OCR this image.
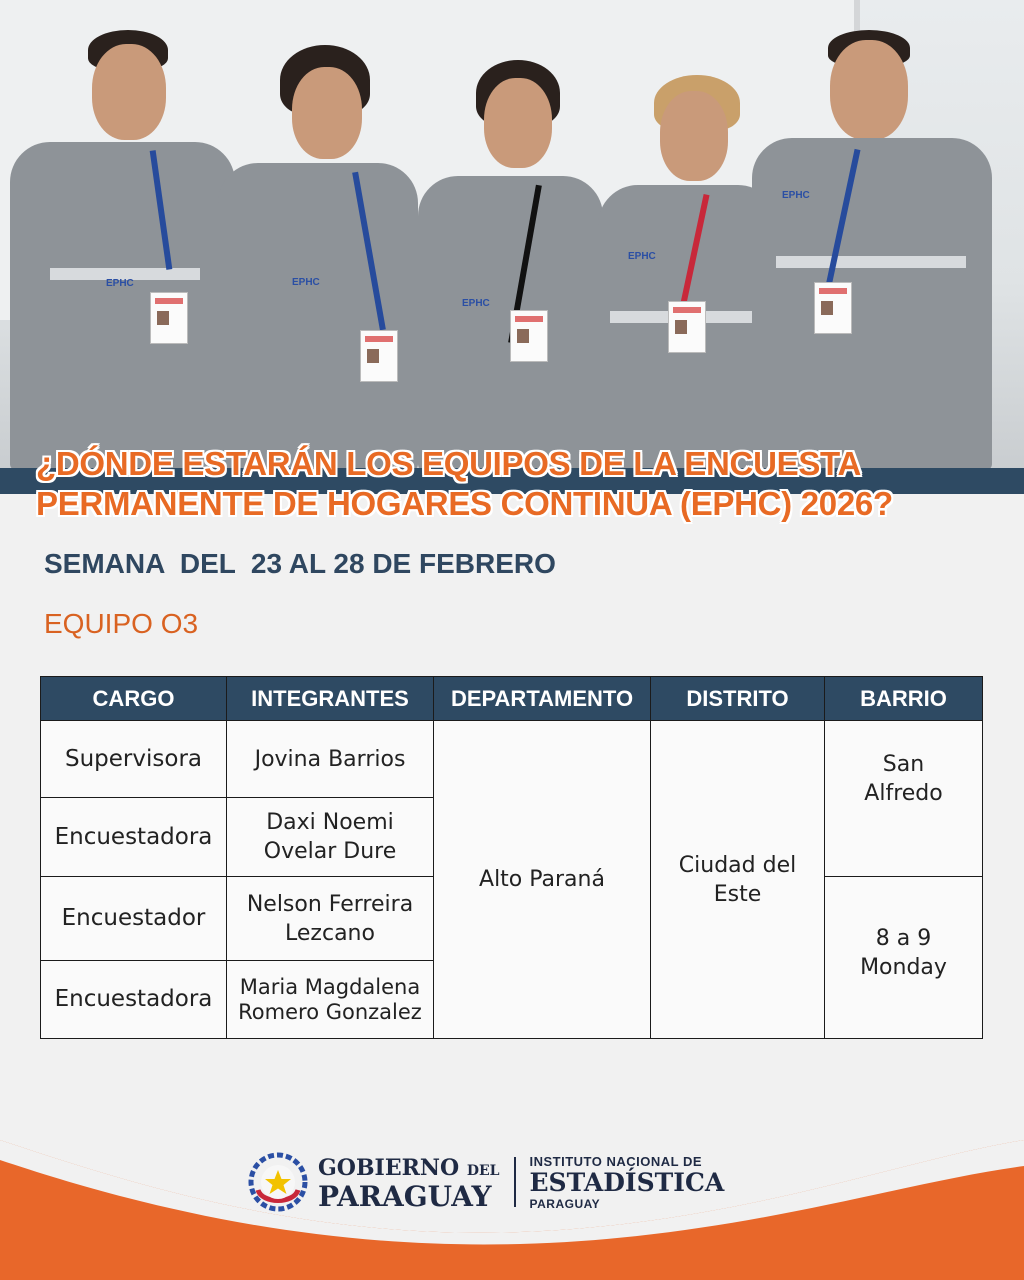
EPHC	EPHC
EPHC
EPHC
EPHC
¿DÓNDE ESTARÁN LOS EQUIPOS DE LA ENCUESTA
PERMANENTE DE HOGARES CONTINUA (EPHC) 2026?
SEMANA  DEL  23 AL 28 DE FEBRERO
EQUIPO O3
CARGO	INTEGRANTES	DEPARTAMENTO	DISTRITO	BARRIO
Supervisora	Jovina Barrios	Alto Paraná	Ciudad del Este	San Alfredo
Encuestadora	Daxi Noemi Ovelar Dure			
Encuestador	Nelson Ferreira Lezcano			8 a 9 Monday
Encuestadora	Maria Magdalena Romero Gonzalez			
GOBIERNO DEL
PARAGUAY
INSTITUTO NACIONAL DE
ESTADÍSTICA
PARAGUAY
